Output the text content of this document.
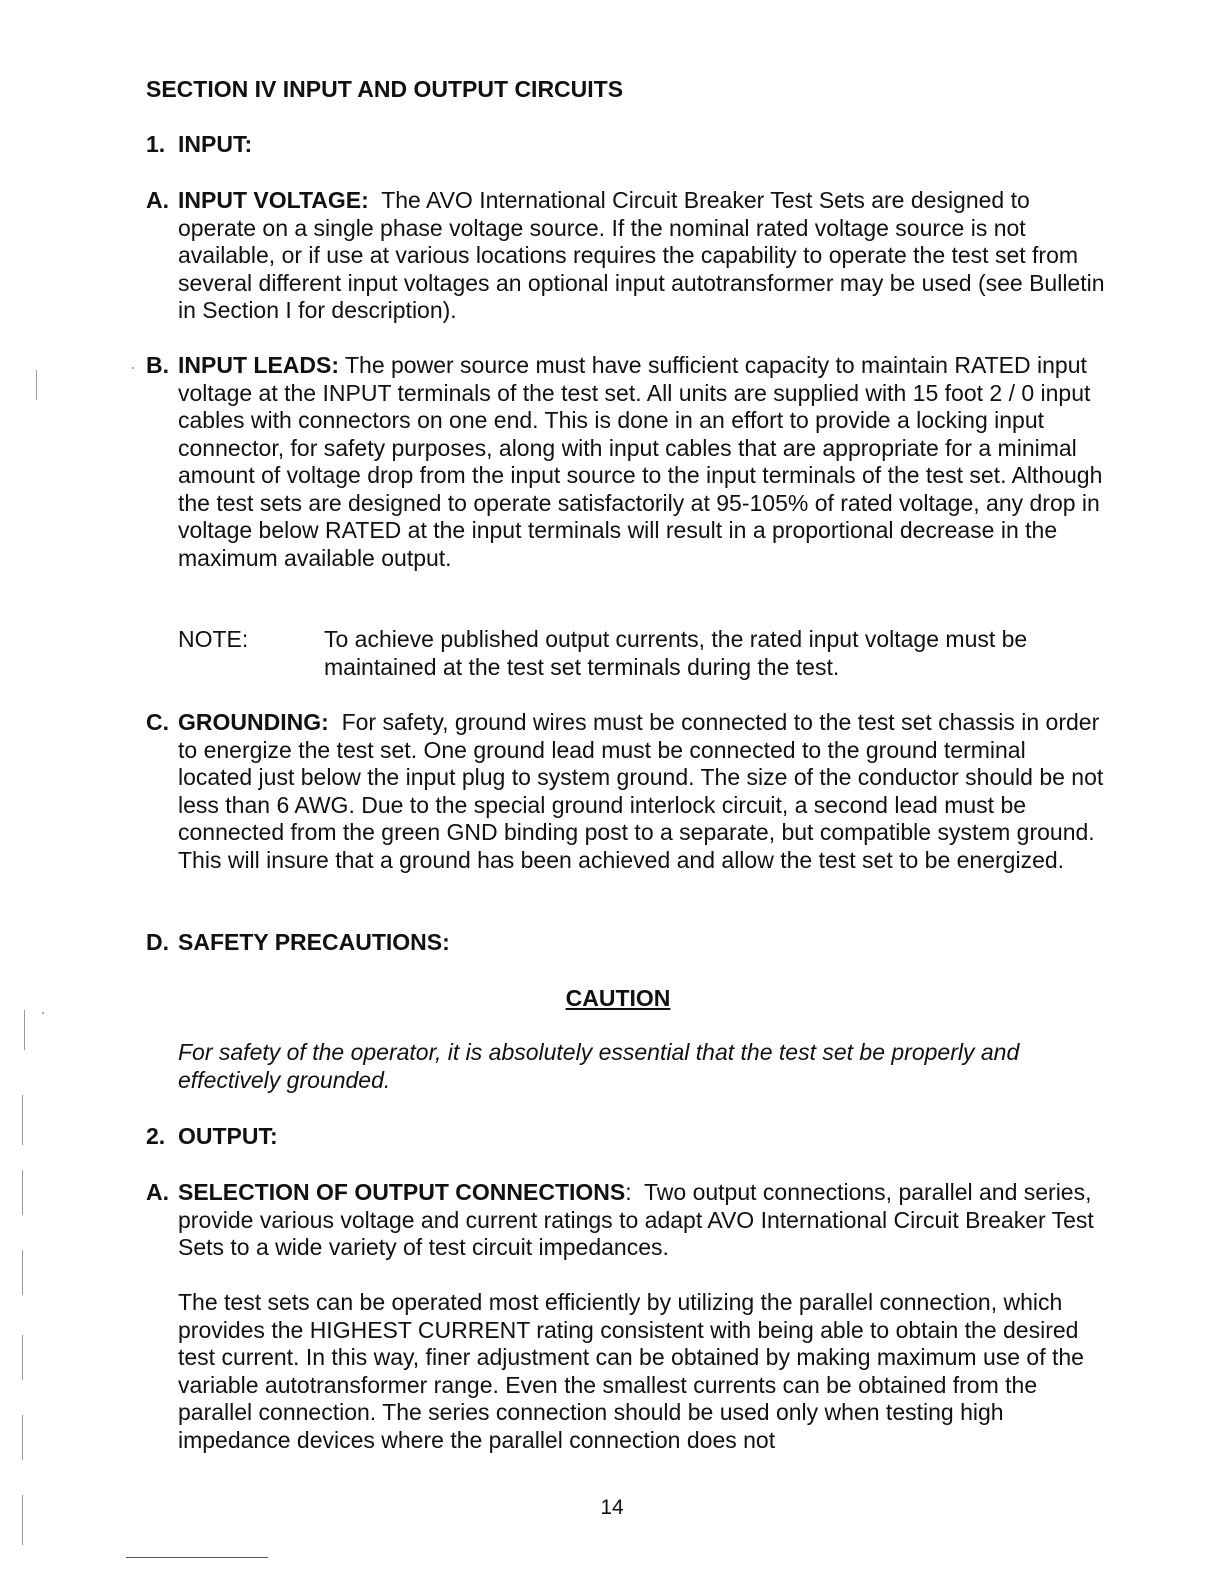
SECTION IV INPUT AND OUTPUT CIRCUITS
1. INPUT:
A. INPUT VOLTAGE: The AVO International Circuit Breaker Test Sets are designed to operate on a single phase voltage source. If the nominal rated voltage source is not available, or if use at various locations requires the capability to operate the test set from several different input voltages an optional input autotransformer may be used (see Bulletin in Section I for description).
B. INPUT LEADS: The power source must have sufficient capacity to maintain RATED input voltage at the INPUT terminals of the test set. All units are supplied with 15 foot 2 / 0 input cables with connectors on one end. This is done in an effort to provide a locking input connector, for safety purposes, along with input cables that are appropriate for a minimal amount of voltage drop from the input source to the input terminals of the test set. Although the test sets are designed to operate satisfactorily at 95-105% of rated voltage, any drop in voltage below RATED at the input terminals will result in a proportional decrease in the maximum available output.
NOTE:	To achieve published output currents, the rated input voltage must be maintained at the test set terminals during the test.
C. GROUNDING: For safety, ground wires must be connected to the test set chassis in order to energize the test set. One ground lead must be connected to the ground terminal located just below the input plug to system ground. The size of the conductor should be not less than 6 AWG. Due to the special ground interlock circuit, a second lead must be connected from the green GND binding post to a separate, but compatible system ground. This will insure that a ground has been achieved and allow the test set to be energized.
D. SAFETY PRECAUTIONS:
CAUTION
For safety of the operator, it is absolutely essential that the test set be properly and effectively grounded.
2. OUTPUT:
A. SELECTION OF OUTPUT CONNECTIONS: Two output connections, parallel and series, provide various voltage and current ratings to adapt AVO International Circuit Breaker Test Sets to a wide variety of test circuit impedances.
The test sets can be operated most efficiently by utilizing the parallel connection, which provides the HIGHEST CURRENT rating consistent with being able to obtain the desired test current. In this way, finer adjustment can be obtained by making maximum use of the variable autotransformer range. Even the smallest currents can be obtained from the parallel connection. The series connection should be used only when testing high impedance devices where the parallel connection does not
14
